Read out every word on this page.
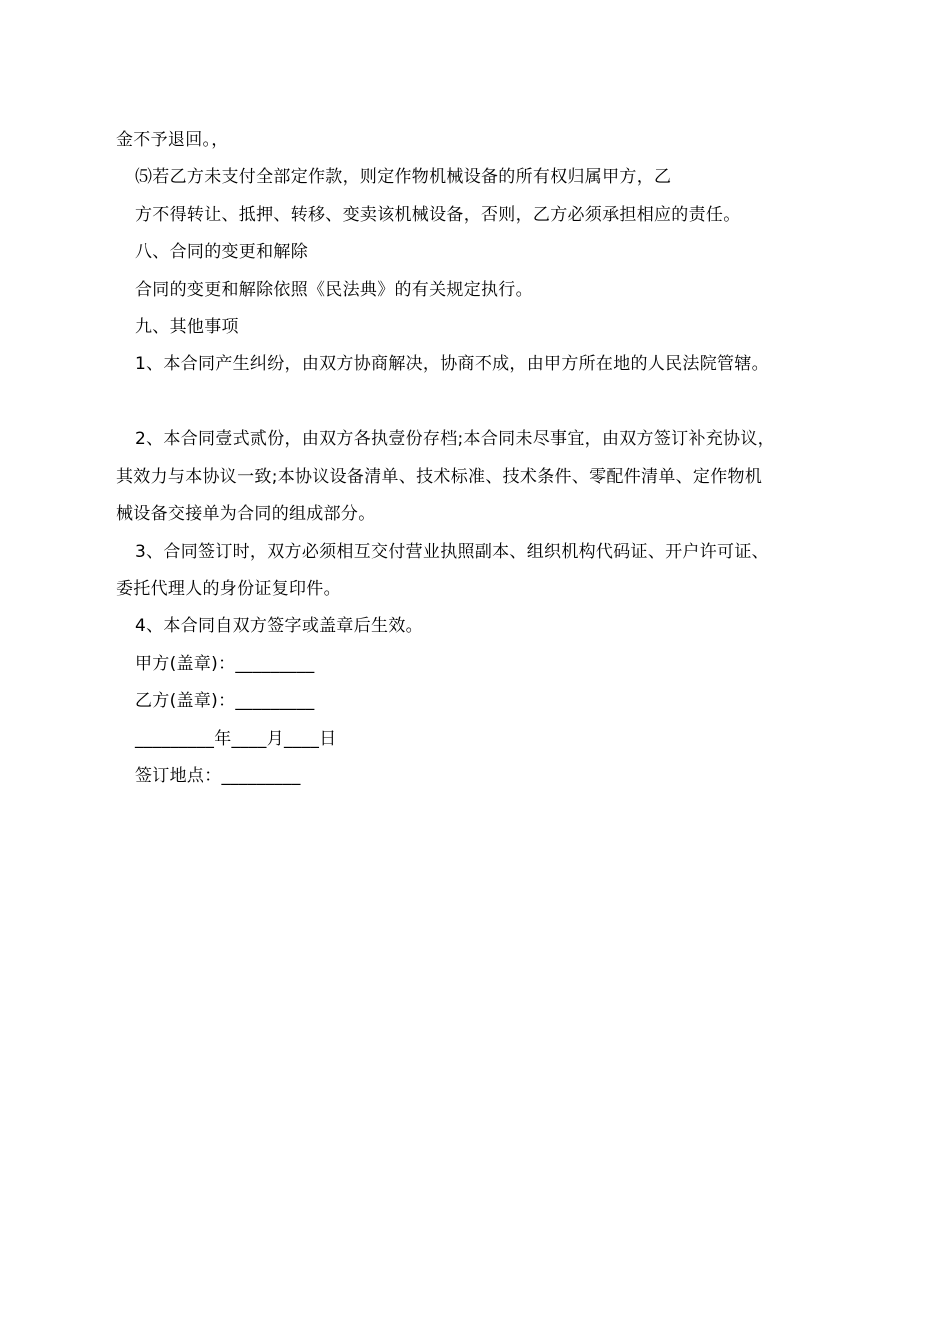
金不予退回。，
⑸若乙方未支付全部定作款，则定作物机械设备的所有权归属甲方，乙
方不得转让、抵押、转移、变卖该机械设备，否则，乙方必须承担相应的责任。
八、合同的变更和解除
合同的变更和解除依照《民法典》的有关规定执行。
九、其他事项
1、本合同产生纠纷，由双方协商解决，协商不成，由甲方所在地的人民法院管辖。
2、本合同壹式贰份，由双方各执壹份存档;本合同未尽事宜，由双方签订补充协议，
其效力与本协议一致;本协议设备清单、技术标准、技术条件、零配件清单、定作物机
械设备交接单为合同的组成部分。
3、合同签订时，双方必须相互交付营业执照副本、组织机构代码证、开户许可证、
委托代理人的身份证复印件。
4、本合同自双方签字或盖章后生效。
甲方(盖章)：_________
乙方(盖章)：_________
_________年____月____日
签订地点：_________
